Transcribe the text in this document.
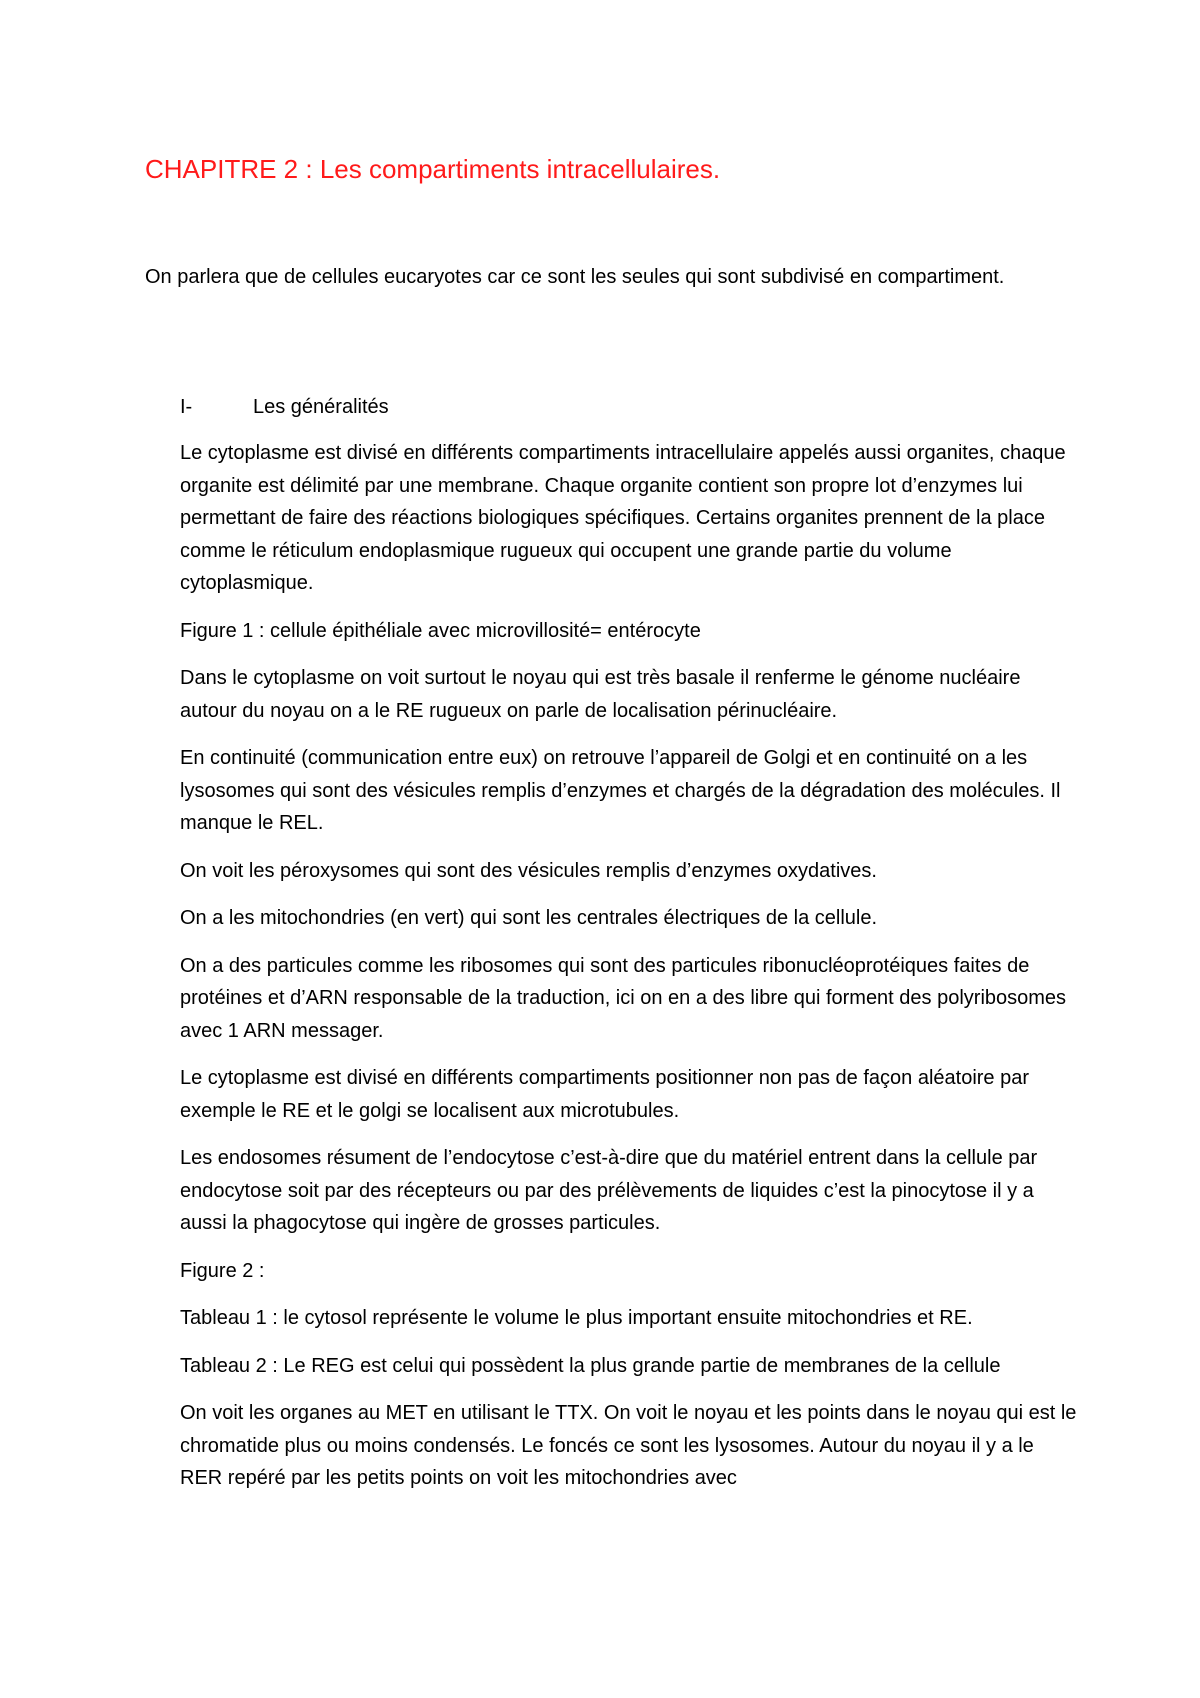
CHAPITRE 2 : Les compartiments intracellulaires.
On parlera que de cellules eucaryotes car ce sont les seules qui sont subdivisé en compartiment.
I-	Les généralités

Le cytoplasme est divisé en différents compartiments intracellulaire appelés aussi organites, chaque organite est délimité par une membrane. Chaque organite contient son propre lot d’enzymes lui permettant de faire des réactions biologiques spécifiques. Certains organites prennent de la place comme le réticulum endoplasmique rugueux qui occupent une grande partie du volume cytoplasmique.

Figure 1 : cellule épithéliale avec microvillosité= entérocyte

Dans le cytoplasme on voit surtout le noyau qui est très basale il renferme le génome nucléaire autour du noyau on a le RE rugueux on parle de localisation périnucléaire.

En continuité (communication entre eux) on retrouve l’appareil de Golgi et en continuité on a les lysosomes qui sont des vésicules remplis d’enzymes et chargés de la dégradation des molécules. Il manque le REL.

On voit les péroxysomes qui sont des vésicules remplis d’enzymes oxydatives.

On a les mitochondries (en vert) qui sont les centrales électriques de la cellule.

On a des particules comme les ribosomes qui sont des particules ribonucléoprotéiques faites de protéines et d’ARN responsable de la traduction, ici on en a des libre qui forment des polyribosomes avec 1 ARN messager.

Le cytoplasme est divisé en différents compartiments positionner non pas de façon aléatoire par exemple le RE et le golgi se localisent aux microtubules.

Les endosomes résument de l’endocytose c’est-à-dire que du matériel entrent dans la cellule par endocytose soit par des récepteurs ou par des prélèvements de liquides c’est la pinocytose il y a aussi la phagocytose qui ingère de grosses particules.

Figure 2 :

Tableau 1 : le cytosol représente le volume le plus important ensuite mitochondries et RE.

Tableau 2 : Le REG est celui qui possèdent la plus grande partie de membranes de la cellule

On voit les organes au MET en utilisant le TTX. On voit le noyau et les points dans le noyau qui est le chromatide plus ou moins condensés. Le foncés ce sont les lysosomes. Autour du noyau il y a le RER repéré par les petits points on voit les mitochondries avec
